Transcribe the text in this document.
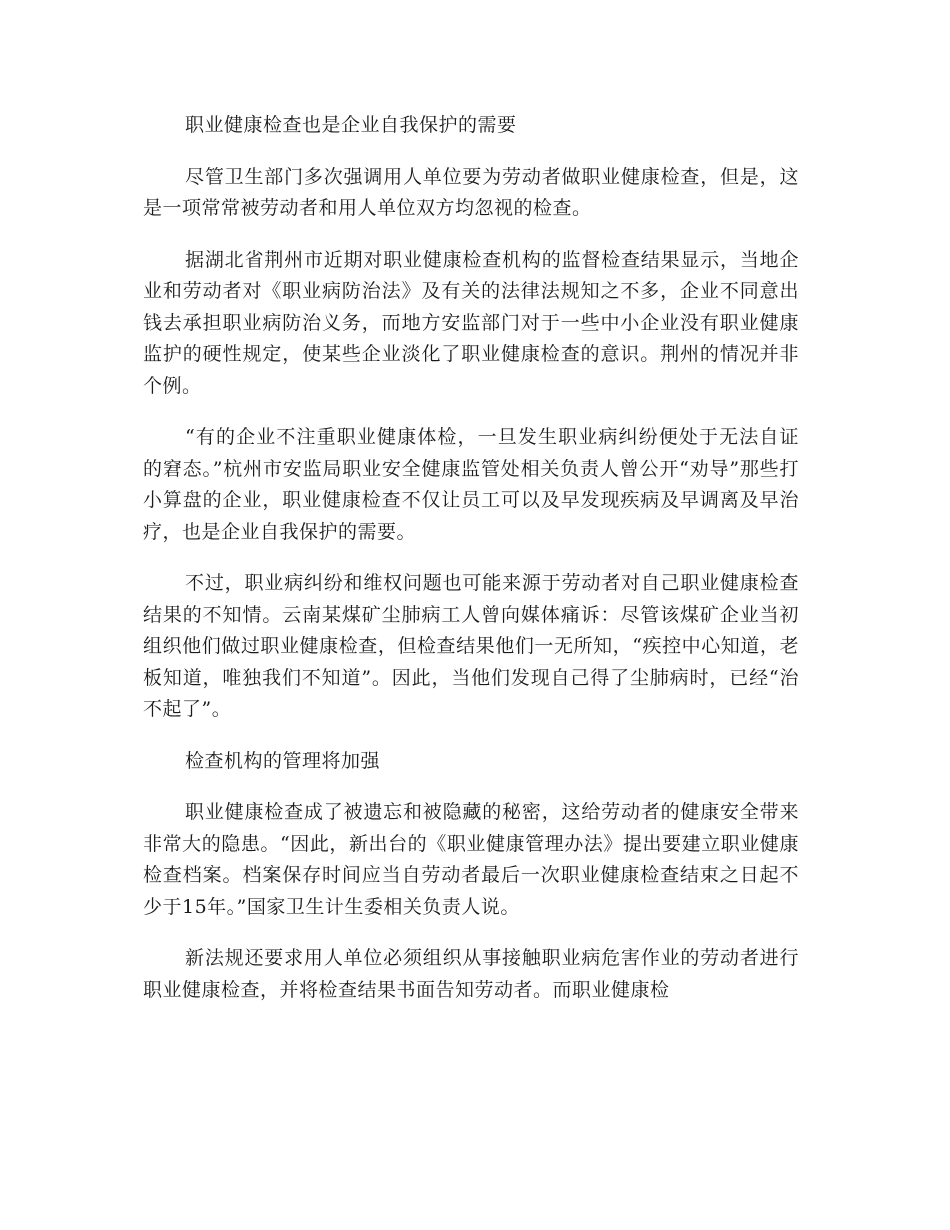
职业健康检查也是企业自我保护的需要

尽管卫生部门多次强调用人单位要为劳动者做职业健康检查，但是，这是一项常常被劳动者和用人单位双方均忽视的检查。

据湖北省荆州市近期对职业健康检查机构的监督检查结果显示，当地企业和劳动者对《职业病防治法》及有关的法律法规知之不多，企业不同意出钱去承担职业病防治义务，而地方安监部门对于一些中小企业没有职业健康监护的硬性规定，使某些企业淡化了职业健康检查的意识。荆州的情况并非个例。

“有的企业不注重职业健康体检，一旦发生职业病纠纷便处于无法自证的窘态。”杭州市安监局职业安全健康监管处相关负责人曾公开“劝导”那些打小算盘的企业，职业健康检查不仅让员工可以及早发现疾病及早调离及早治疗，也是企业自我保护的需要。

不过，职业病纠纷和维权问题也可能来源于劳动者对自己职业健康检查结果的不知情。云南某煤矿尘肺病工人曾向媒体痛诉：尽管该煤矿企业当初组织他们做过职业健康检查，但检查结果他们一无所知，“疾控中心知道，老板知道，唯独我们不知道”。因此，当他们发现自己得了尘肺病时，已经“治不起了”。

检查机构的管理将加强

职业健康检查成了被遗忘和被隐藏的秘密，这给劳动者的健康安全带来非常大的隐患。“因此，新出台的《职业健康管理办法》提出要建立职业健康检查档案。档案保存时间应当自劳动者最后一次职业健康检查结束之日起不少于15年。”国家卫生计生委相关负责人说。

新法规还要求用人单位必须组织从事接触职业病危害作业的劳动者进行职业健康检查，并将检查结果书面告知劳动者。而职业健康检
